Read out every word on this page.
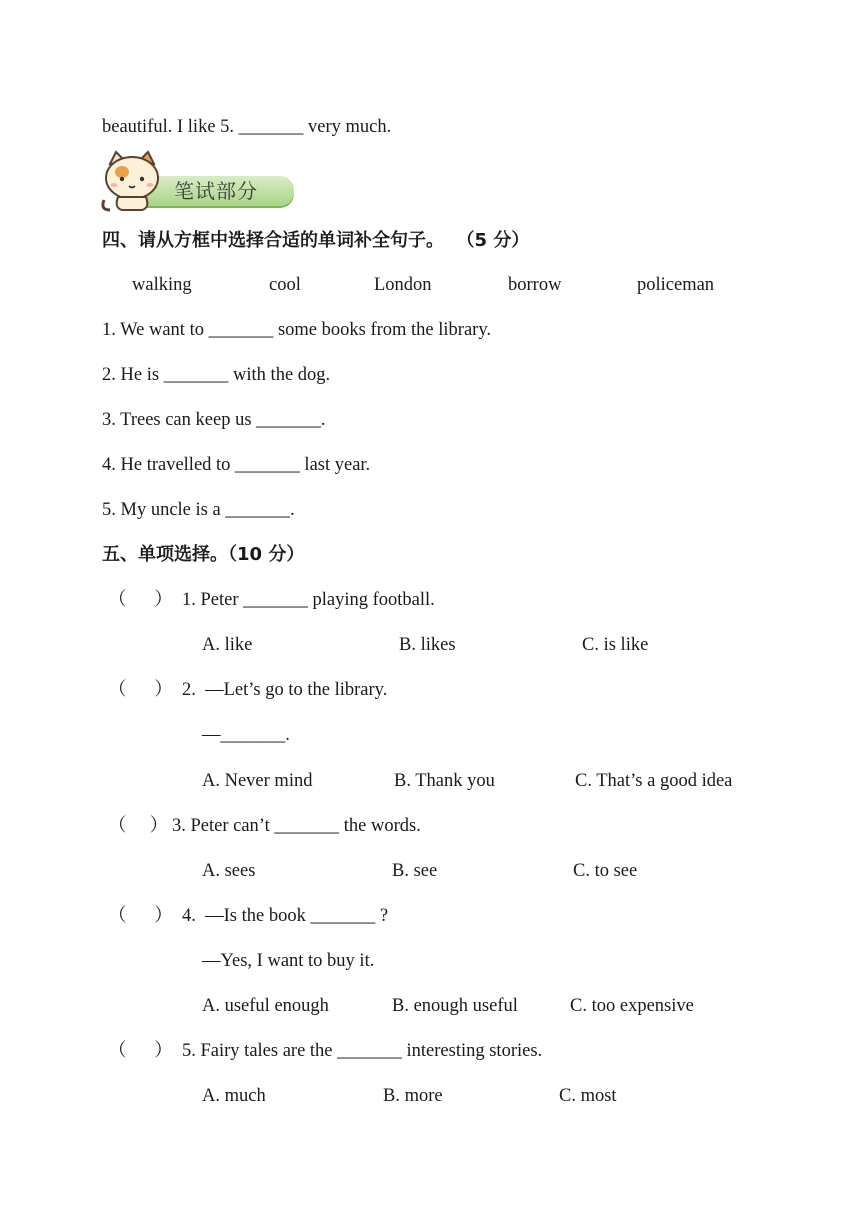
beautiful. I like 5. _______ very much.
笔试部分
四、请从方框中选择合适的单词补全句子。  （5 分）
walking	cool	London	borrow	policeman
1. We want to _______ some books from the library.
2. He is _______ with the dog.
3. Trees can keep us _______.
4. He travelled to _______ last year.
5. My uncle is a _______.
五、单项选择。（10 分）
（      ） 1. Peter _______ playing football.
A. like	B. likes	C. is like
（      ） 2.  —Let’s go to the library.
—_______.
A. Never mind	B. Thank you	C. That’s a good idea
（     ） 3. Peter can’t _______ the words.
A. sees	B. see	C. to see
（      ） 4.  —Is the book _______ ?
—Yes, I want to buy it.
A. useful enough	B. enough useful	C. too expensive
（      ） 5. Fairy tales are the _______ interesting stories.
A. much	B. more	C. most
